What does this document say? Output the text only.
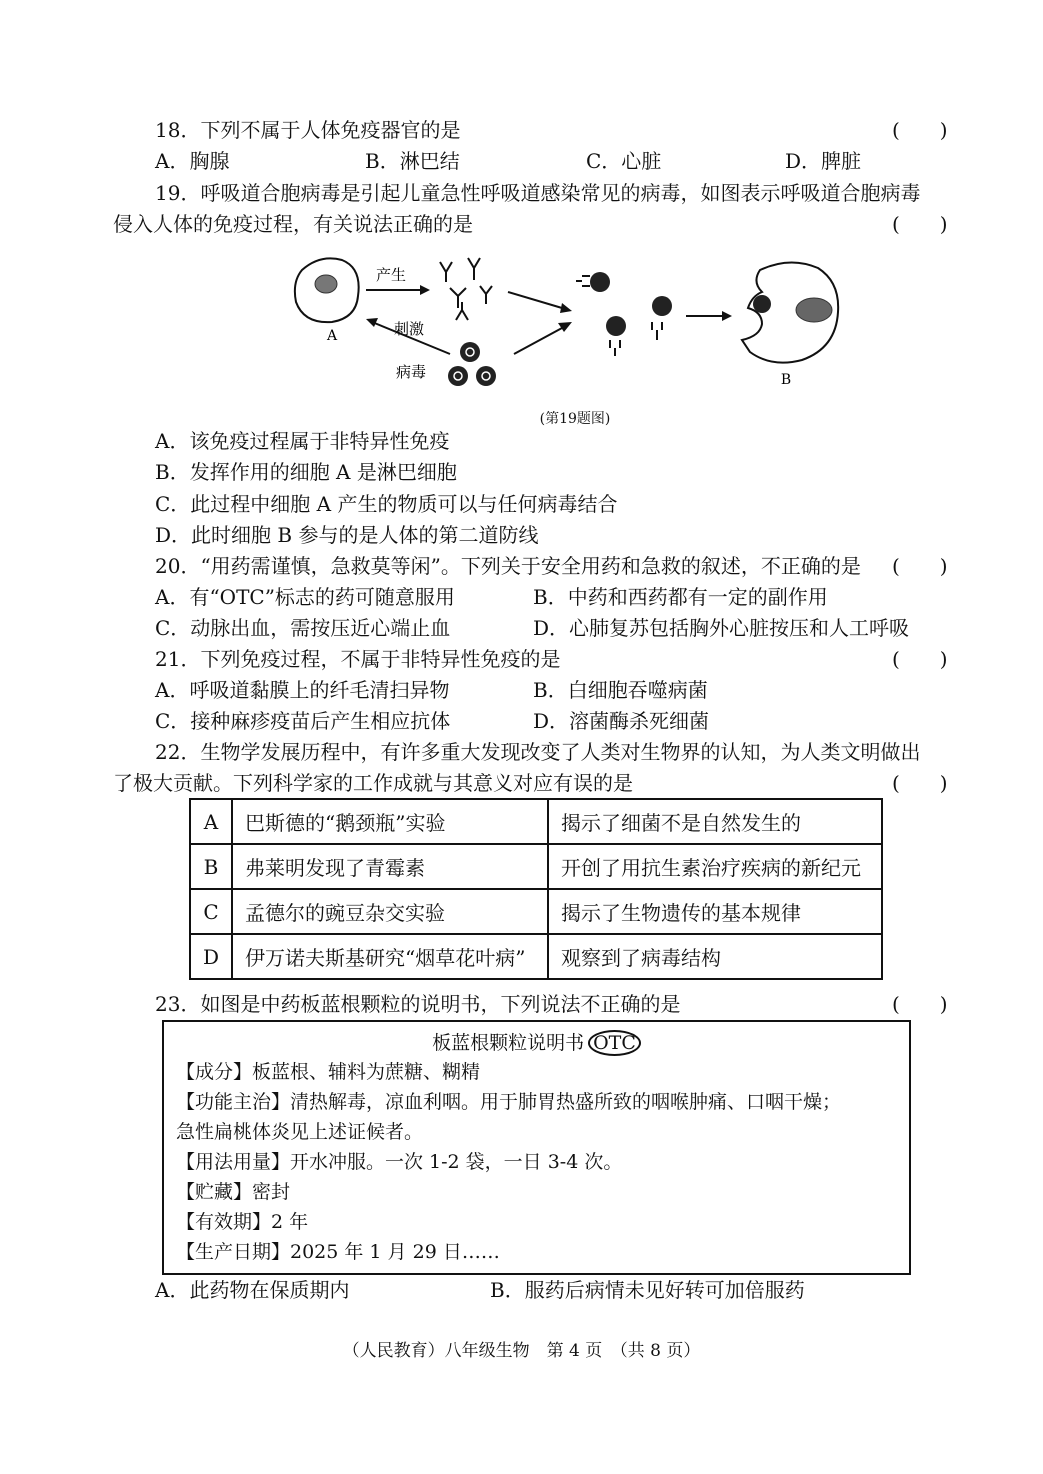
18．下列不属于人体免疫器官的是	(　　)
A．胸腺	B．淋巴结	C．心脏	D．脾脏
19．呼吸道合胞病毒是引起儿童急性呼吸道感染常见的病毒，如图表示呼吸道合胞病毒
侵入人体的免疫过程，有关说法正确的是	(　　)
A
产生
刺激
病毒	B
(第19题图)
A．该免疫过程属于非特异性免疫
B．发挥作用的细胞 A 是淋巴细胞
C．此过程中细胞 A 产生的物质可以与任何病毒结合
D．此时细胞 B 参与的是人体的第二道防线
20．“用药需谨慎，急救莫等闲”。下列关于安全用药和急救的叙述，不正确的是 (　　)
A．有“OTC”标志的药可随意服用	B．中药和西药都有一定的副作用
C．动脉出血，需按压近心端止血	D．心肺复苏包括胸外心脏按压和人工呼吸
21．下列免疫过程，不属于非特异性免疫的是	(　　)
A．呼吸道黏膜上的纤毛清扫异物	B．白细胞吞噬病菌
C．接种麻疹疫苗后产生相应抗体	D．溶菌酶杀死细菌
22．生物学发展历程中，有许多重大发现改变了人类对生物界的认知，为人类文明做出
了极大贡献。下列科学家的工作成就与其意义对应有误的是	(　　)
A	巴斯德的“鹅颈瓶”实验	揭示了细菌不是自然发生的
B	弗莱明发现了青霉素	开创了用抗生素治疗疾病的新纪元
C	孟德尔的豌豆杂交实验	揭示了生物遗传的基本规律
D	伊万诺夫斯基研究“烟草花叶病”	观察到了病毒结构
23．如图是中药板蓝根颗粒的说明书，下列说法不正确的是	(　　)
板蓝根颗粒说明书 OTC
【成分】板蓝根、辅料为蔗糖、糊精
【功能主治】清热解毒，凉血利咽。用于肺胃热盛所致的咽喉肿痛、口咽干燥；
急性扁桃体炎见上述证候者。
【用法用量】开水冲服。一次 1-2 袋，一日 3-4 次。
【贮藏】密封
【有效期】2 年
【生产日期】2025 年 1 月 29 日……
A．此药物在保质期内	B．服药后病情未见好转可加倍服药
（人民教育）八年级生物　第 4 页　（共 8 页）
